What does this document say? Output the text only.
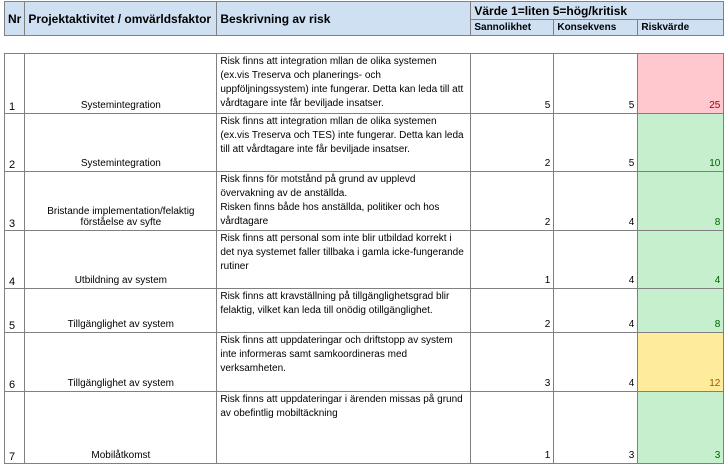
Nr	Projektaktivitet / omvärldsfaktor	Beskrivning av risk	Värde 1=liten 5=hög/kritisk		
			Sannolikhet	Konsekvens	Riskvärde

1	Systemintegration	Risk finns att integration mllan de olika systemen (ex.vis Treserva och planerings- och uppföljningssystem) inte fungerar. Detta kan leda till att vårdtagare inte får beviljade insatser.	5	5	25
2	Systemintegration	Risk finns att integration mllan de olika systemen (ex.vis Treserva och TES) inte fungerar. Detta kan leda till att vårdtagare inte får beviljade insatser.	2	5	10
3	Bristande implementation/felaktig förståelse av syfte	Risk finns för motstånd på grund av upplevd övervakning av de anställda.
Risken finns både hos anställda, politiker och hos vårdtagare	2	4	8
4	Utbildning av system	Risk finns att personal som inte blir utbildad korrekt i det nya systemet faller tillbaka i gamla icke-fungerande rutiner	1	4	4
5	Tillgänglighet av system	Risk finns att kravställning på tillgänglighetsgrad blir felaktig, vilket kan leda till onödig otillgänglighet.	2	4	8
6	Tillgänglighet av system	Risk finns att uppdateringar och driftstopp av system inte informeras samt samkoordineras med verksamheten.	3	4	12
7	Mobilåtkomst	Risk finns att uppdateringar i ärenden missas på grund av obefintlig mobiltäckning	1	3	3
